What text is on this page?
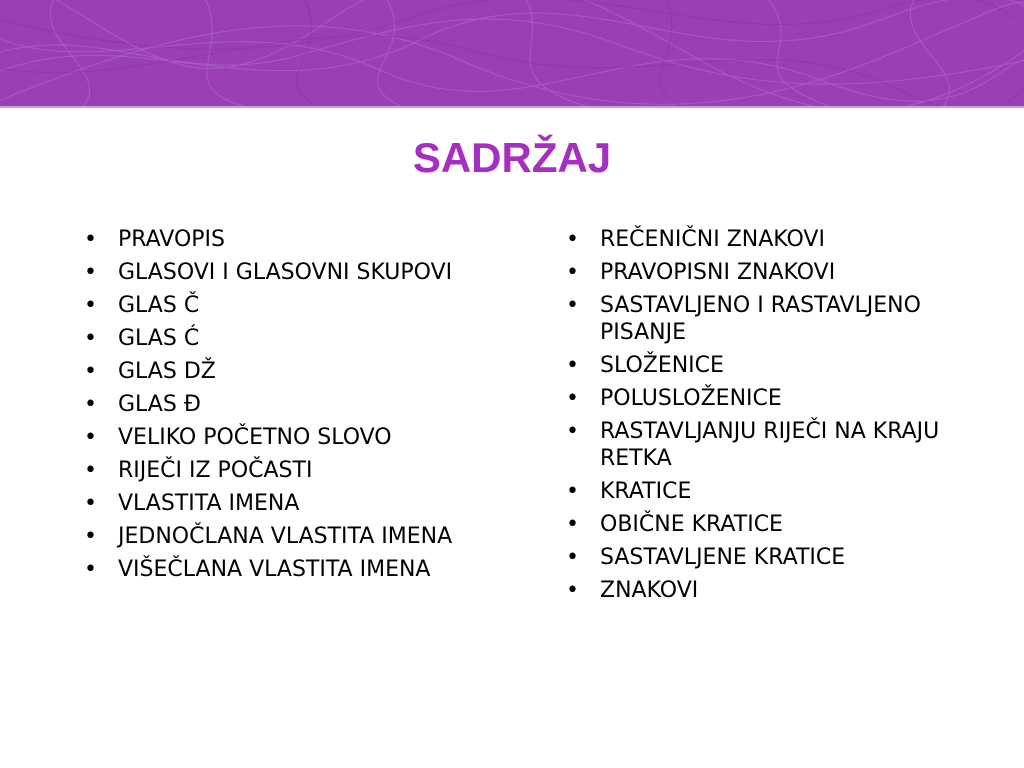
SADRŽAJ
• PRAVOPIS
• GLASOVI I GLASOVNI SKUPOVI
• GLAS Č
• GLAS Ć
• GLAS DŽ
• GLAS Đ
• VELIKO POČETNO SLOVO
• RIJEČI IZ POČASTI
• VLASTITA IMENA
• JEDNOČLANA VLASTITA IMENA
• VIŠEČLANA VLASTITA IMENA
• REČENIČNI ZNAKOVI
• PRAVOPISNI ZNAKOVI
• SASTAVLJENO I RASTAVLJENO PISANJE
• SLOŽENICE
• POLUSLOŽENICE
• RASTAVLJANJU RIJEČI NA KRAJU RETKA
• KRATICE
• OBIČNE KRATICE
• SASTAVLJENE KRATICE
• ZNAKOVI
